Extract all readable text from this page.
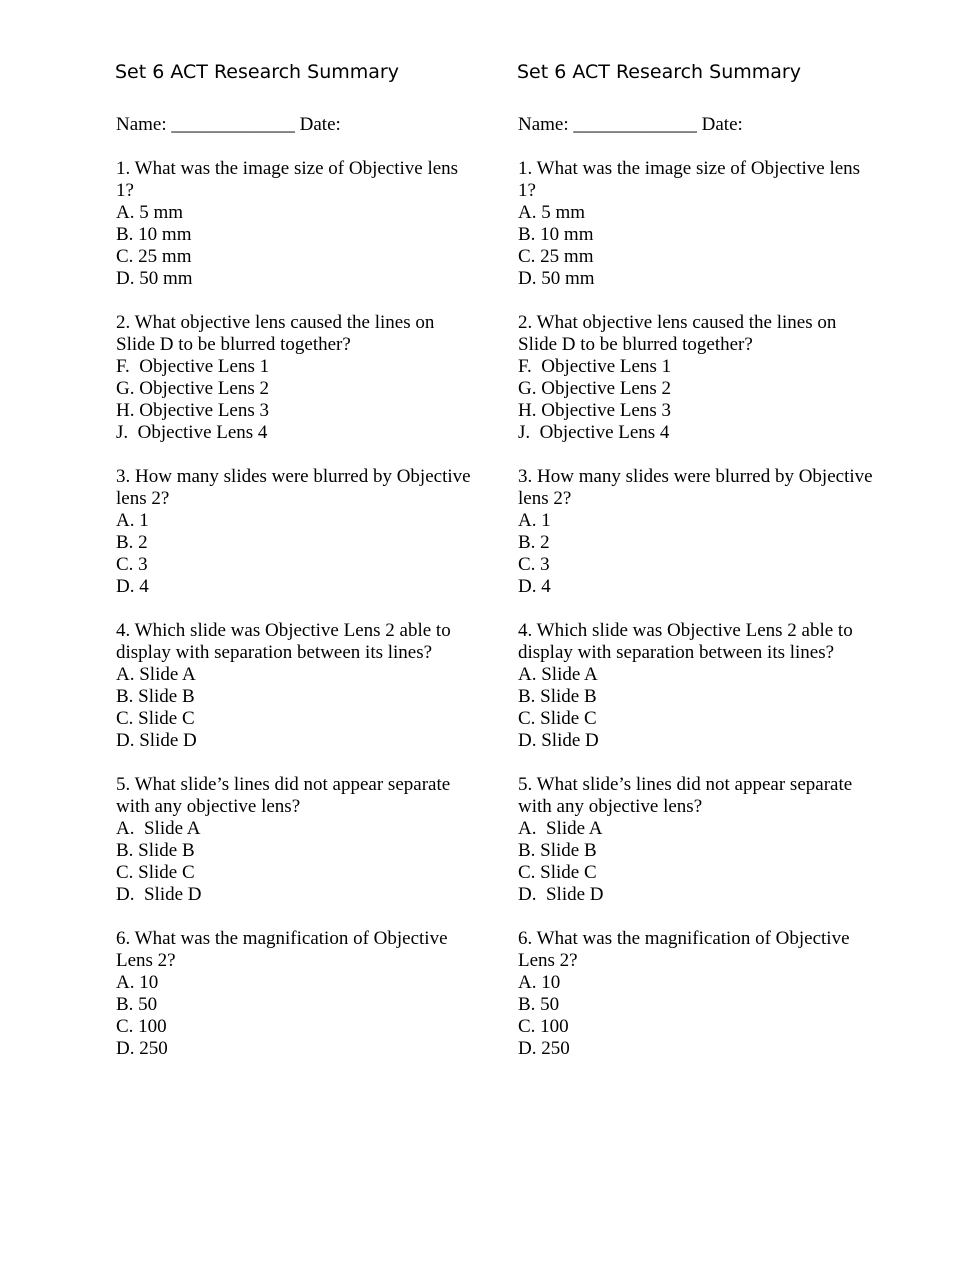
Set 6 ACT Research Summary
Name: _____________ Date:
1. What was the image size of Objective lens 1?
A. 5 mm
B. 10 mm
C. 25 mm
D. 50 mm
2. What objective lens caused the lines on Slide D to be blurred together?
F.  Objective Lens 1
G. Objective Lens 2
H. Objective Lens 3
J.  Objective Lens 4
3. How many slides were blurred by Objective lens 2?
A. 1
B. 2
C. 3
D. 4
4. Which slide was Objective Lens 2 able to display with separation between its lines?
A. Slide A
B. Slide B
C. Slide C
D. Slide D
5. What slide’s lines did not appear separate with any objective lens?
A.  Slide A
B. Slide B
C. Slide C
D.  Slide D
6. What was the magnification of Objective Lens 2?
A. 10
B. 50
C. 100
D. 250
Set 6 ACT Research Summary
Name: _____________ Date:
1. What was the image size of Objective lens 1?
A. 5 mm
B. 10 mm
C. 25 mm
D. 50 mm
2. What objective lens caused the lines on Slide D to be blurred together?
F.  Objective Lens 1
G. Objective Lens 2
H. Objective Lens 3
J.  Objective Lens 4
3. How many slides were blurred by Objective lens 2?
A. 1
B. 2
C. 3
D. 4
4. Which slide was Objective Lens 2 able to display with separation between its lines?
A. Slide A
B. Slide B
C. Slide C
D. Slide D
5. What slide’s lines did not appear separate with any objective lens?
A.  Slide A
B. Slide B
C. Slide C
D.  Slide D
6. What was the magnification of Objective Lens 2?
A. 10
B. 50
C. 100
D. 250
